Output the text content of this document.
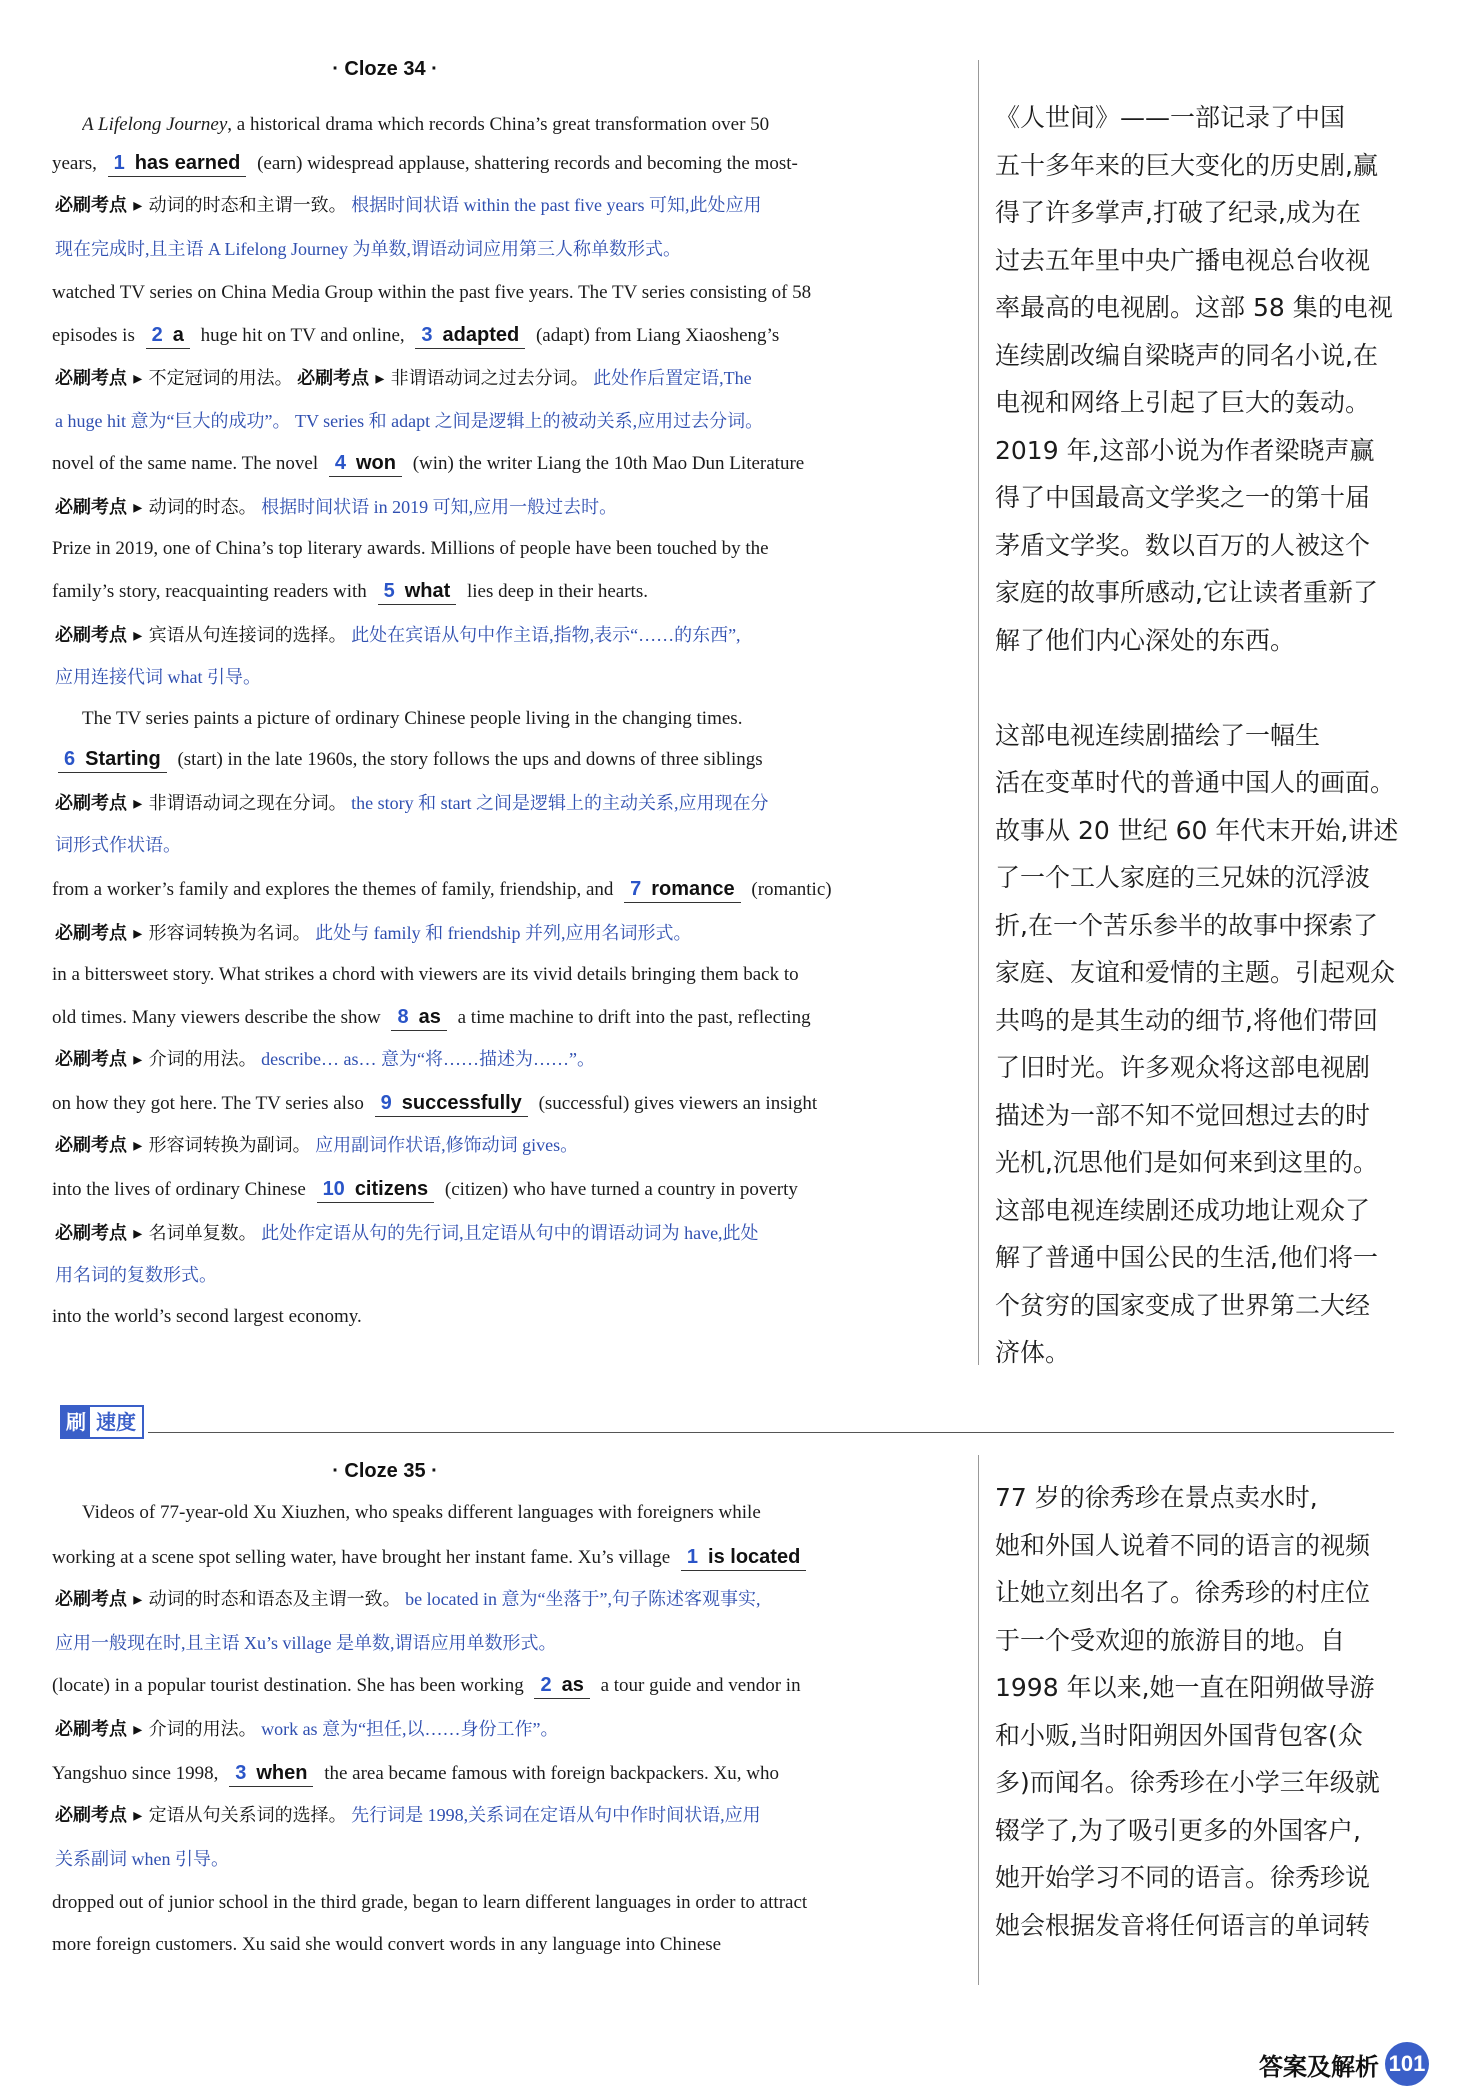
· Cloze 34 ·
A Lifelong Journey, a historical drama which records China’s great transformation over 50
years, 1 has earned (earn) widespread applause, shattering records and becoming the most-
必刷考点 ▸ 动词的时态和主谓一致。 根据时间状语 within the past five years 可知,此处应用
现在完成时,且主语 A Lifelong Journey 为单数,谓语动词应用第三人称单数形式。
watched TV series on China Media Group within the past five years. The TV series consisting of 58
episodes is 2 a huge hit on TV and online, 3 adapted (adapt) from Liang Xiaosheng’s
必刷考点 ▸ 不定冠词的用法。 必刷考点 ▸ 非谓语动词之过去分词。 此处作后置定语,The
a huge hit 意为“巨大的成功”。 TV series 和 adapt 之间是逻辑上的被动关系,应用过去分词。
novel of the same name. The novel 4 won (win) the writer Liang the 10th Mao Dun Literature
必刷考点 ▸ 动词的时态。 根据时间状语 in 2019 可知,应用一般过去时。
Prize in 2019, one of China’s top literary awards. Millions of people have been touched by the
family’s story, reacquainting readers with 5 what lies deep in their hearts.
必刷考点 ▸ 宾语从句连接词的选择。 此处在宾语从句中作主语,指物,表示“……的东西”,
应用连接代词 what 引导。
The TV series paints a picture of ordinary Chinese people living in the changing times.
6 Starting (start) in the late 1960s, the story follows the ups and downs of three siblings
必刷考点 ▸ 非谓语动词之现在分词。 the story 和 start 之间是逻辑上的主动关系,应用现在分
词形式作状语。
from a worker’s family and explores the themes of family, friendship, and 7 romance (romantic)
必刷考点 ▸ 形容词转换为名词。 此处与 family 和 friendship 并列,应用名词形式。
in a bittersweet story. What strikes a chord with viewers are its vivid details bringing them back to
old times. Many viewers describe the show 8 as a time machine to drift into the past, reflecting
必刷考点 ▸ 介词的用法。 describe… as… 意为“将……描述为……”。
on how they got here. The TV series also 9 successfully (successful) gives viewers an insight
必刷考点 ▸ 形容词转换为副词。 应用副词作状语,修饰动词 gives。
into the lives of ordinary Chinese 10 citizens (citizen) who have turned a country in poverty
必刷考点 ▸ 名词单复数。 此处作定语从句的先行词,且定语从句中的谓语动词为 have,此处
用名词的复数形式。
into the world’s second largest economy.
刷 速度
· Cloze 35 ·
Videos of 77-year-old Xu Xiuzhen, who speaks different languages with foreigners while
working at a scene spot selling water, have brought her instant fame. Xu’s village 1 is located
必刷考点 ▸ 动词的时态和语态及主谓一致。 be located in 意为“坐落于”,句子陈述客观事实,
应用一般现在时,且主语 Xu’s village 是单数,谓语应用单数形式。
(locate) in a popular tourist destination. She has been working 2 as a tour guide and vendor in
必刷考点 ▸ 介词的用法。 work as 意为“担任,以……身份工作”。
Yangshuo since 1998, 3 when the area became famous with foreign backpackers. Xu, who
必刷考点 ▸ 定语从句关系词的选择。 先行词是 1998,关系词在定语从句中作时间状语,应用
关系副词 when 引导。
dropped out of junior school in the third grade, began to learn different languages in order to attract
more foreign customers. Xu said she would convert words in any language into Chinese
《人世间》——一部记录了中国
五十多年来的巨大变化的历史剧,赢
得了许多掌声,打破了纪录,成为在
过去五年里中央广播电视总台收视
率最高的电视剧。这部 58 集的电视
连续剧改编自梁晓声的同名小说,在
电视和网络上引起了巨大的轰动。
2019 年,这部小说为作者梁晓声赢
得了中国最高文学奖之一的第十届
茅盾文学奖。数以百万的人被这个
家庭的故事所感动,它让读者重新了
解了他们内心深处的东西。
这部电视连续剧描绘了一幅生
活在变革时代的普通中国人的画面。
故事从 20 世纪 60 年代末开始,讲述
了一个工人家庭的三兄妹的沉浮波
折,在一个苦乐参半的故事中探索了
家庭、友谊和爱情的主题。引起观众
共鸣的是其生动的细节,将他们带回
了旧时光。许多观众将这部电视剧
描述为一部不知不觉回想过去的时
光机,沉思他们是如何来到这里的。
这部电视连续剧还成功地让观众了
解了普通中国公民的生活,他们将一
个贫穷的国家变成了世界第二大经
济体。
77 岁的徐秀珍在景点卖水时,
她和外国人说着不同的语言的视频
让她立刻出名了。徐秀珍的村庄位
于一个受欢迎的旅游目的地。自
1998 年以来,她一直在阳朔做导游
和小贩,当时阳朔因外国背包客(众
多)而闻名。徐秀珍在小学三年级就
辍学了,为了吸引更多的外国客户,
她开始学习不同的语言。徐秀珍说
她会根据发音将任何语言的单词转
答案及解析 101
